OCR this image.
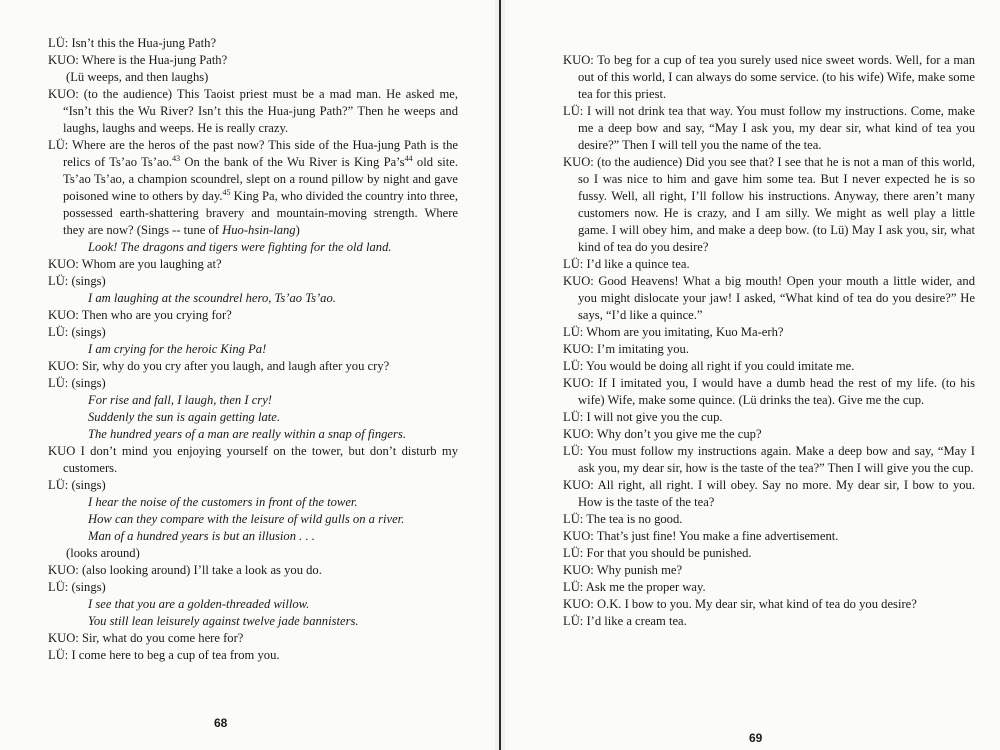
LÜ: Isn’t this the Hua-jung Path?

KUO: Where is the Hua-jung Path?

(Lü weeps, and then laughs)

KUO: (to the audience) This Taoist priest must be a mad man. He asked me, “Isn’t this the Wu River? Isn’t this the Hua-jung Path?” Then he weeps and laughs, laughs and weeps. He is really crazy.

LÜ: Where are the heros of the past now? This side of the Hua-jung Path is the relics of Ts’ao Ts’ao.$^{43}$ On the bank of the Wu River is King $Pa’s^{44}$ old site. Ts’ao Ts’ao, a champion scoundrel, slept on a round pillow by night and gave poisoned wine to others by day.$^{45}$ King Pa, who divided the country into three, possessed earth-shattering bravery and mountain-moving strength. Where they are now? (Sings -- tune of Huo-hsin-lang)

Look! The dragons and tigers were fighting for the old land.

KUO: Whom are you laughing at?

LÜ: (sings)

I am laughing at the scoundrel hero, Ts’ao Ts’ao.

KUO: Then who are you crying for?

LÜ: (sings)

I am crying for the heroic King Pa!

KUO: Sir, why do you cry after you laugh, and laugh after you cry?

LÜ: (sings)

For rise and fall, I laugh, then I cry!

Suddenly the sun is again getting late.

The hundred years of a man are really within a snap of fingers.

KUO I don’t mind you enjoying yourself on the tower, but don’t disturb my customers.

LÜ: (sings)

I hear the noise of the customers in front of the tower.

How can they compare with the leisure of wild gulls on a river.

Man of a hundred years is but an illusion . . .

(looks around)

KUO: (also looking around) I’ll take a look as you do.

LÜ: (sings)

I see that you are a golden-threaded willow.

You still lean leisurely against twelve jade bannisters.

KUO: Sir, what do you come here for?

LÜ: I come here to beg a cup of tea from you.

68

KUO: To beg for a cup of tea you surely used nice sweet words. Well, for a man out of this world, I can always do some service. (to his wife) Wife, make some tea for this priest.

LÜ: I will not drink tea that way. You must follow my instructions. Come, make me a deep bow and say, “May I ask you, my dear sir, what kind of tea you desire?” Then I will tell you the name of the tea.

KUO: (to the audience) Did you see that? I see that he is not a man of this world, so I was nice to him and gave him some tea. But I never expected he is so fussy. Well, all right, I’ll follow his instructions. Anyway, there aren’t many customers now. He is crazy, and I am silly. We might as well play a little game. I will obey him, and make a deep bow. (to Lü) May I ask you, sir, what kind of tea do you desire?

LÜ: I’d like a quince tea.

KUO: Good Heavens! What a big mouth! Open your mouth a little wider, and you might dislocate your jaw! I asked, “What kind of tea do you desire?” He says, “I’d like a quince.”

LÜ: Whom are you imitating, Kuo Ma-erh?

KUO: I’m imitating you.

LÜ: You would be doing all right if you could imitate me.

KUO: If I imitated you, I would have a dumb head the rest of my life. (to his wife) Wife, make some quince. (Lü drinks the tea). Give me the cup.

LÜ: I will not give you the cup.

KUO: Why don’t you give me the cup?

LÜ: You must follow my instructions again. Make a deep bow and say, “May I ask you, my dear sir, how is the taste of the tea?” Then I will give you the cup.

KUO: All right, all right. I will obey. Say no more. My dear sir, I bow to you. How is the taste of the tea?

LÜ: The tea is no good.

KUO: That’s just fine! You make a fine advertisement.

LÜ: For that you should be punished.

KUO: Why punish me?

LÜ: Ask me the proper way.

KUO: O.K. I bow to you. My dear sir, what kind of tea do you desire?

LÜ: I’d like a cream tea.

69
